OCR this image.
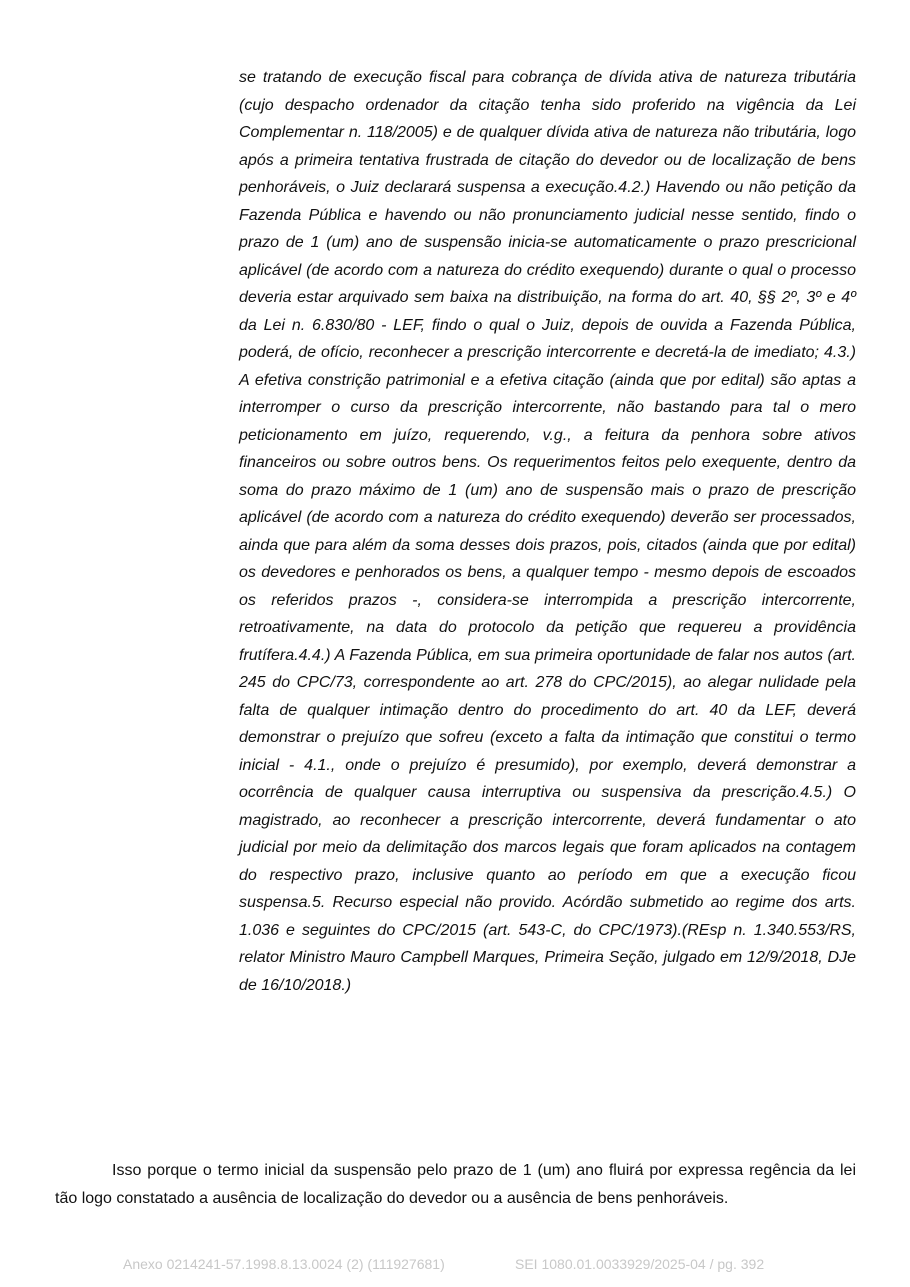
se tratando de execução fiscal para cobrança de dívida ativa de natureza tributária (cujo despacho ordenador da citação tenha sido proferido na vigência da Lei Complementar n. 118/2005) e de qualquer dívida ativa de natureza não tributária, logo após a primeira tentativa frustrada de citação do devedor ou de localização de bens penhoráveis, o Juiz declarará suspensa a execução.4.2.) Havendo ou não petição da Fazenda Pública e havendo ou não pronunciamento judicial nesse sentido, findo o prazo de 1 (um) ano de suspensão inicia-se automaticamente o prazo prescricional aplicável (de acordo com a natureza do crédito exequendo) durante o qual o processo deveria estar arquivado sem baixa na distribuição, na forma do art. 40, §§ 2º, 3º e 4º da Lei n. 6.830/80 - LEF, findo o qual o Juiz, depois de ouvida a Fazenda Pública, poderá, de ofício, reconhecer a prescrição intercorrente e decretá-la de imediato; 4.3.) A efetiva constrição patrimonial e a efetiva citação (ainda que por edital) são aptas a interromper o curso da prescrição intercorrente, não bastando para tal o mero peticionamento em juízo, requerendo, v.g., a feitura da penhora sobre ativos financeiros ou sobre outros bens. Os requerimentos feitos pelo exequente, dentro da soma do prazo máximo de 1 (um) ano de suspensão mais o prazo de prescrição aplicável (de acordo com a natureza do crédito exequendo) deverão ser processados, ainda que para além da soma desses dois prazos, pois, citados (ainda que por edital) os devedores e penhorados os bens, a qualquer tempo - mesmo depois de escoados os referidos prazos -, considera-se interrompida a prescrição intercorrente, retroativamente, na data do protocolo da petição que requereu a providência frutífera.4.4.) A Fazenda Pública, em sua primeira oportunidade de falar nos autos (art. 245 do CPC/73, correspondente ao art. 278 do CPC/2015), ao alegar nulidade pela falta de qualquer intimação dentro do procedimento do art. 40 da LEF, deverá demonstrar o prejuízo que sofreu (exceto a falta da intimação que constitui o termo inicial - 4.1., onde o prejuízo é presumido), por exemplo, deverá demonstrar a ocorrência de qualquer causa interruptiva ou suspensiva da prescrição.4.5.) O magistrado, ao reconhecer a prescrição intercorrente, deverá fundamentar o ato judicial por meio da delimitação dos marcos legais que foram aplicados na contagem do respectivo prazo, inclusive quanto ao período em que a execução ficou suspensa.5. Recurso especial não provido. Acórdão submetido ao regime dos arts. 1.036 e seguintes do CPC/2015 (art. 543-C, do CPC/1973).(REsp n. 1.340.553/RS, relator Ministro Mauro Campbell Marques, Primeira Seção, julgado em 12/9/2018, DJe de 16/10/2018.)

Isso porque o termo inicial da suspensão pelo prazo de 1 (um) ano fluirá por expressa regência da lei tão logo constatado a ausência de localização do devedor ou a ausência de bens penhoráveis.

Anexo 0214241-57.1998.8.13.0024 (2) (111927681)	SEI 1080.01.0033929/2025-04 / pg. 392
